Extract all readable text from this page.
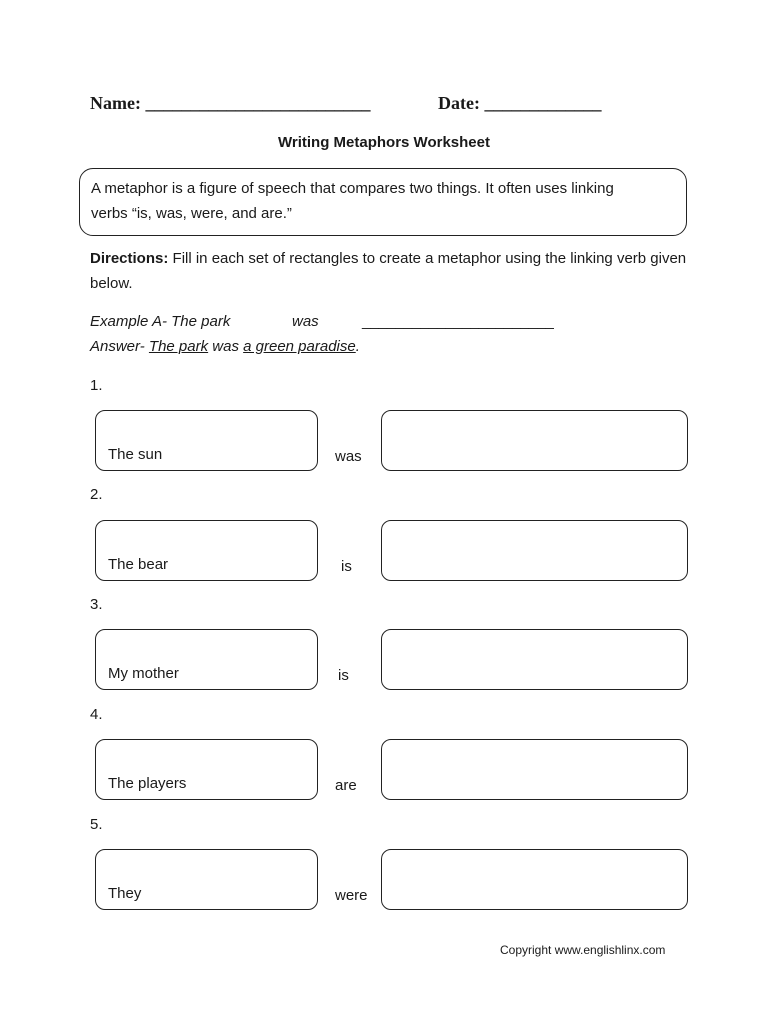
Name: _________________________	Date: _____________
Writing Metaphors Worksheet
A metaphor is a figure of speech that compares two things. It often uses linking
verbs “is, was, were, and are.”
Directions: Fill in each set of rectangles to create a metaphor using the linking verb given below.
Example A- The park	was	_______________________
Answer- The park was a green paradise.
1.
The sun	was
2.
The bear	is
3.
My mother	is
4.
The players	are
5.
They	were
Copyright www.englishlinx.com
